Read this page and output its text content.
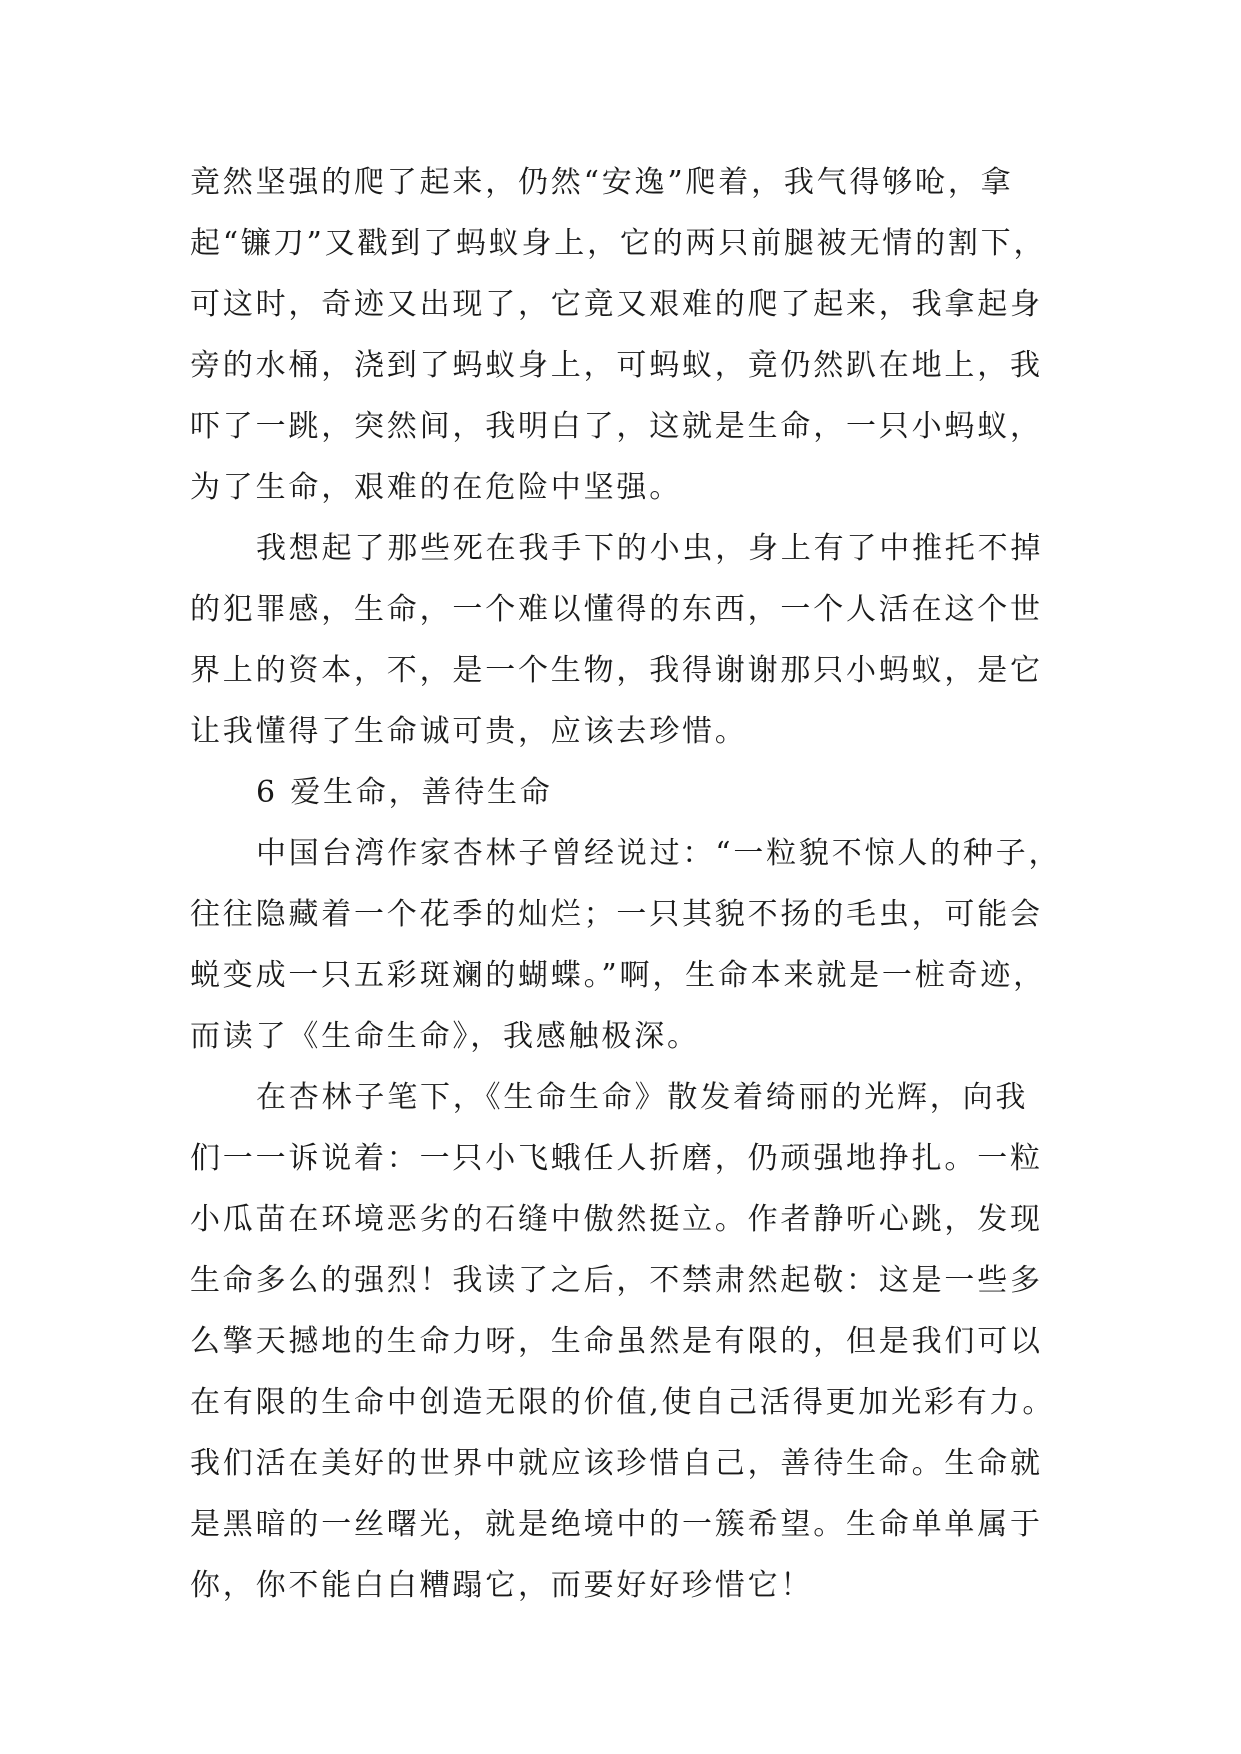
竟然坚强的爬了起来，仍然“安逸”爬着，我气得够呛，拿
起“镰刀”又戳到了蚂蚁身上，它的两只前腿被无情的割下，
可这时，奇迹又出现了，它竟又艰难的爬了起来，我拿起身
旁的水桶，浇到了蚂蚁身上，可蚂蚁，竟仍然趴在地上，我
吓了一跳，突然间，我明白了，这就是生命，一只小蚂蚁，
为了生命，艰难的在危险中坚强。
我想起了那些死在我手下的小虫，身上有了中推托不掉
的犯罪感，生命，一个难以懂得的东西，一个人活在这个世
界上的资本，不，是一个生物，我得谢谢那只小蚂蚁，是它
让我懂得了生命诚可贵，应该去珍惜。
6 爱生命，善待生命
中国台湾作家杏林子曾经说过：“一粒貌不惊人的种子，
往往隐藏着一个花季的灿烂；一只其貌不扬的毛虫，可能会
蜕变成一只五彩斑斓的蝴蝶。”啊，生命本来就是一桩奇迹，
而读了《生命生命》，我感触极深。
在杏林子笔下，《生命生命》散发着绮丽的光辉，向我
们一一诉说着：一只小飞蛾任人折磨，仍顽强地挣扎。一粒
小瓜苗在环境恶劣的石缝中傲然挺立。作者静听心跳，发现
生命多么的强烈！我读了之后，不禁肃然起敬：这是一些多
么擎天撼地的生命力呀，生命虽然是有限的，但是我们可以
在有限的生命中创造无限的价值,使自己活得更加光彩有力。
我们活在美好的世界中就应该珍惜自己，善待生命。生命就
是黑暗的一丝曙光，就是绝境中的一簇希望。生命单单属于
你，你不能白白糟蹋它，而要好好珍惜它！
